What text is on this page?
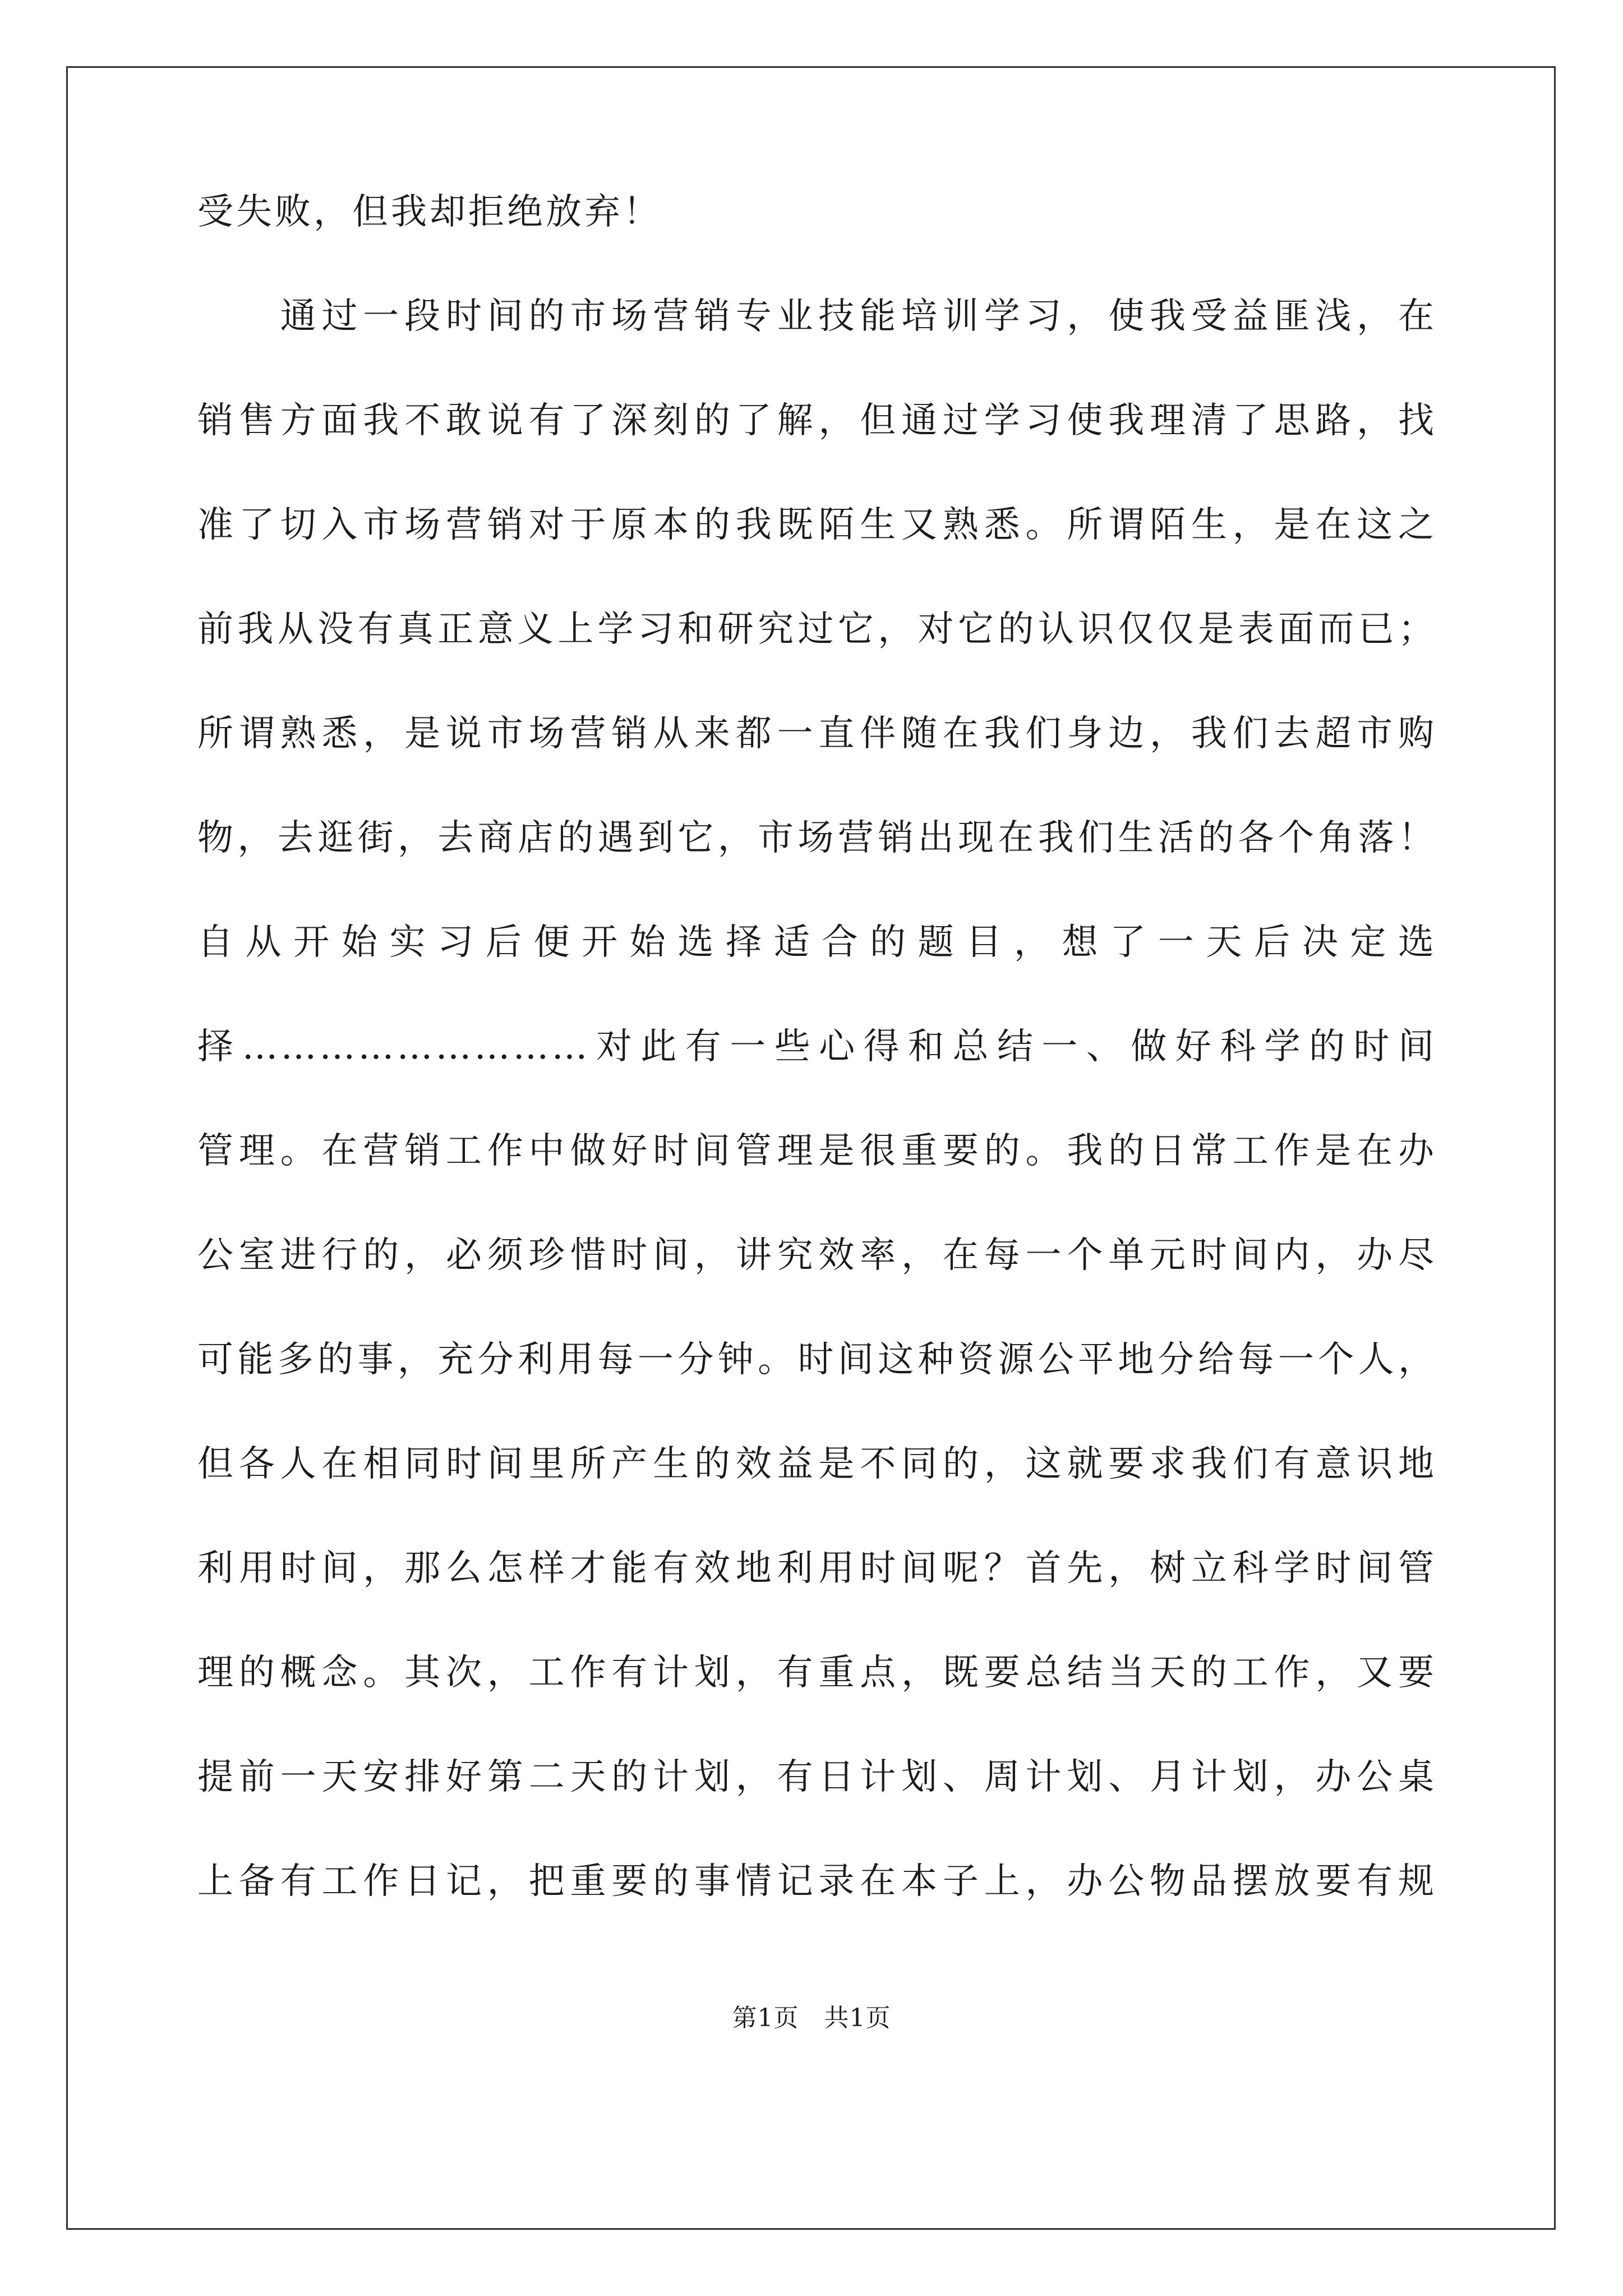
受失败，但我却拒绝放弃！
　　通过一段时间的市场营销专业技能培训学习，使我受益匪浅，在
销售方面我不敢说有了深刻的了解，但通过学习使我理清了思路，找
准了切入市场营销对于原本的我既陌生又熟悉。所谓陌生，是在这之
前我从没有真正意义上学习和研究过它，对它的认识仅仅是表面而已；
所谓熟悉，是说市场营销从来都一直伴随在我们身边，我们去超市购
物，去逛街，去商店的遇到它，市场营销出现在我们生活的各个角落！
自从开始实习后便开始选择适合的题目，想了一天后决定选
择………………………对此有一些心得和总结一、做好科学的时间
管理。在营销工作中做好时间管理是很重要的。我的日常工作是在办
公室进行的，必须珍惜时间，讲究效率，在每一个单元时间内，办尽
可能多的事，充分利用每一分钟。时间这种资源公平地分给每一个人，
但各人在相同时间里所产生的效益是不同的，这就要求我们有意识地
利用时间，那么怎样才能有效地利用时间呢？首先，树立科学时间管
理的概念。其次，工作有计划，有重点，既要总结当天的工作，又要
提前一天安排好第二天的计划，有日计划、周计划、月计划，办公桌
上备有工作日记，把重要的事情记录在本子上，办公物品摆放要有规
第1页　共1页
